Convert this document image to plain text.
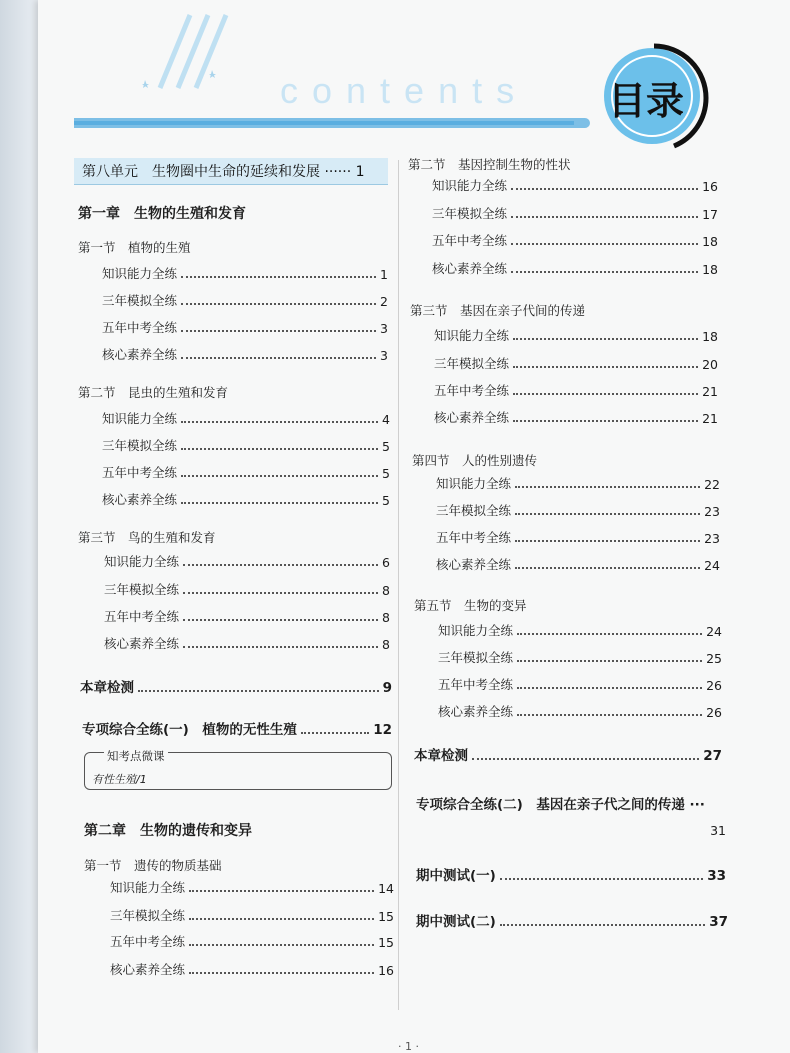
contents 目录
第八单元　生物圈中生命的延续和发展 ······ 1
第一章　生物的生殖和发育
第一节　植物的生殖
知识能力全练	1
三年模拟全练	2
五年中考全练	3
核心素养全练	3
第二节　昆虫的生殖和发育
知识能力全练	4
三年模拟全练	5
五年中考全练	5
核心素养全练	5
第三节　鸟的生殖和发育
知识能力全练	6
三年模拟全练	8
五年中考全练	8
核心素养全练	8
本章检测	9
专项综合全练(一)　植物的无性生殖	12
知考点微课
有性生殖/1
第二章　生物的遗传和变异
第一节　遗传的物质基础
知识能力全练	14
三年模拟全练	15
五年中考全练	15
核心素养全练	16
第二节　基因控制生物的性状
知识能力全练	16
三年模拟全练	17
五年中考全练	18
核心素养全练	18
第三节　基因在亲子代间的传递
知识能力全练	18
三年模拟全练	20
五年中考全练	21
核心素养全练	21
第四节　人的性别遗传
知识能力全练	22
三年模拟全练	23
五年中考全练	23
核心素养全练	24
第五节　生物的变异
知识能力全练	24
三年模拟全练	25
五年中考全练	26
核心素养全练	26
本章检测	27
专项综合全练(二)　基因在亲子代之间的传递 ···
31
期中测试(一)	33
期中测试(二)	37
· 1 ·
